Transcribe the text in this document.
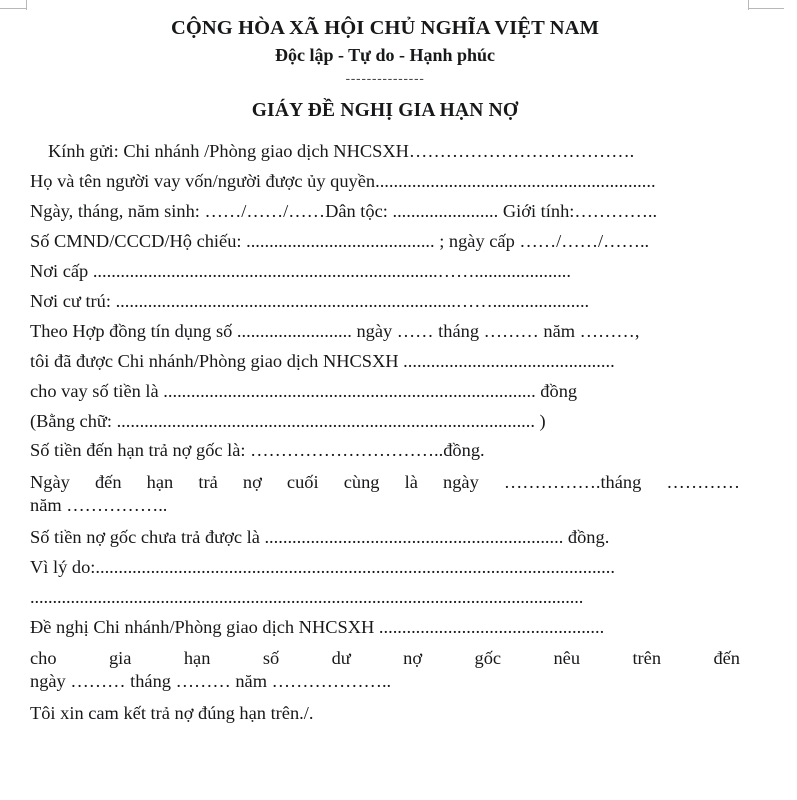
CỘNG HÒA XÃ HỘI CHỦ NGHĨA VIỆT NAM
Độc lập - Tự do - Hạnh phúc
---------------
GIÁY ĐỀ NGHỊ GIA HẠN NỢ
Kính gửi: Chi nhánh /Phòng giao dịch NHCSXH……………………………….
Họ và tên người vay vốn/người được ủy quyền.............................................................
Ngày, tháng, năm sinh: ……/……/……Dân tộc: ....................... Giới tính:…………..
Số CMND/CCCD/Hộ chiếu: ......................................... ; ngày cấp ……/……/……..
Nơi cấp ...........................................................................…….....................
Nơi cư trú: ..........................................................................…….....................
Theo Hợp đồng tín dụng số ......................... ngày …… tháng ……… năm ………,
tôi đã được Chi nhánh/Phòng giao dịch NHCSXH ..............................................
cho vay số tiền là ................................................................................. đồng
(Bằng chữ: ........................................................................................... )
Số tiền đến hạn trả nợ gốc là: …………………………..đồng.
Ngày đến hạn trả nợ cuối cùng là ngày …………….tháng …………
năm ……………..
Số tiền nợ gốc chưa trả được là ................................................................. đồng.
Vì lý do:.................................................................................................................
...........................................................................................................................
Đề nghị Chi nhánh/Phòng giao dịch NHCSXH .................................................
cho gia hạn số dư nợ gốc nêu trên đến
ngày ……… tháng ……… năm ………………..
Tôi xin cam kết trả nợ đúng hạn trên./.
